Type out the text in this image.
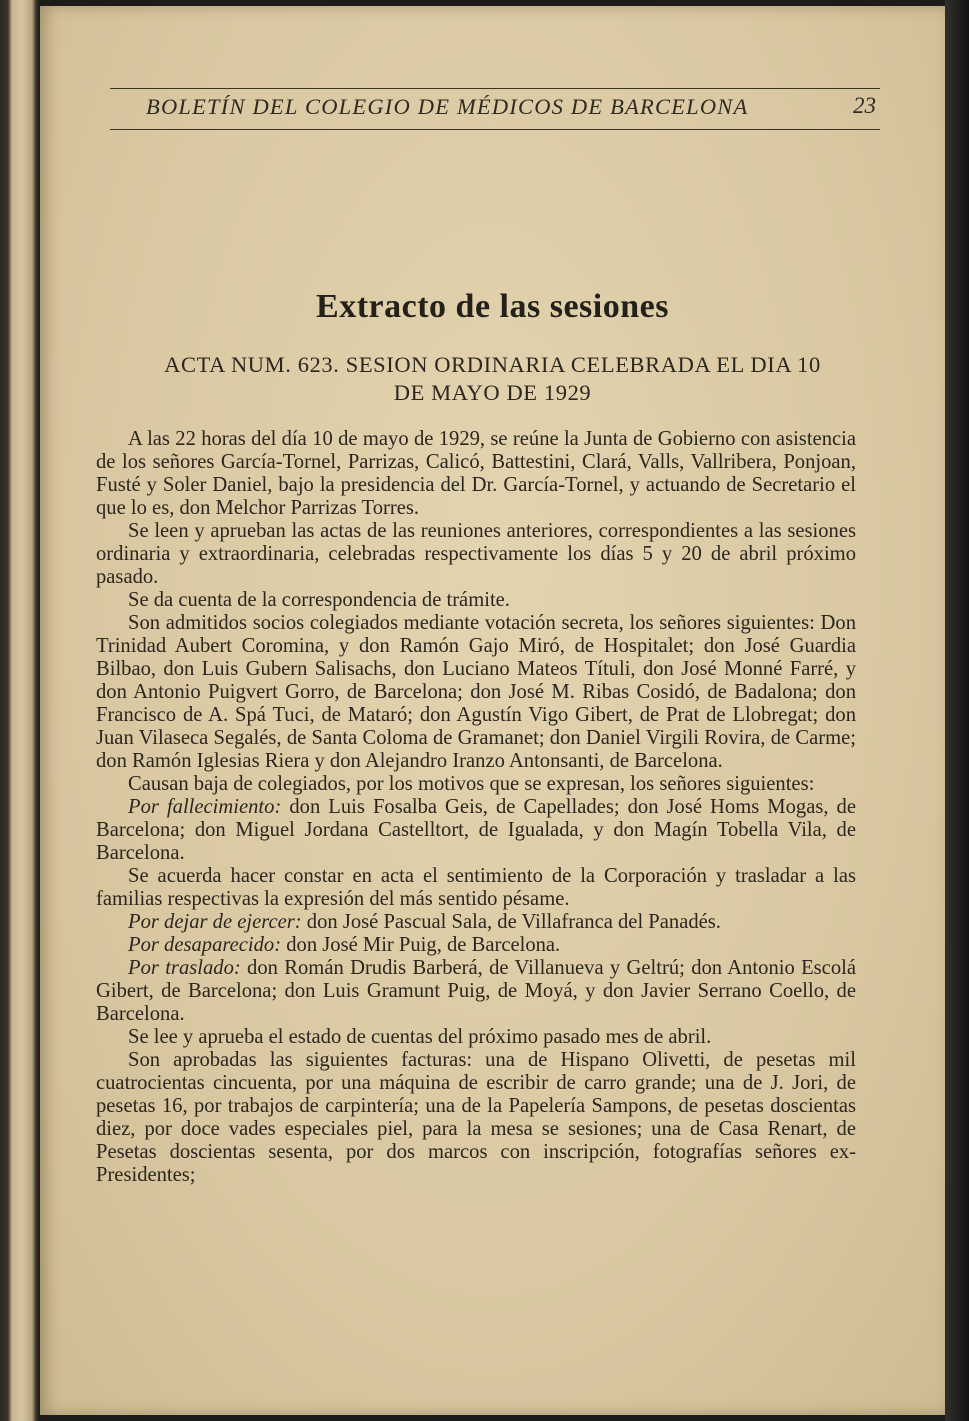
BOLETÍN DEL COLEGIO DE MÉDICOS DE BARCELONA	23
Extracto de las sesiones
ACTA NUM. 623. SESION ORDINARIA CELEBRADA EL DIA 10
DE MAYO DE 1929

A las 22 horas del día 10 de mayo de 1929, se reúne la Junta de Gobierno con asistencia de los señores García-Tornel, Parrizas, Calicó, Battestini, Clará, Valls, Vallribera, Ponjoan, Fusté y Soler Daniel, bajo la presidencia del Dr. García-Tornel, y actuando de Secretario el que lo es, don Melchor Parrizas Torres.

Se leen y aprueban las actas de las reuniones anteriores, correspondientes a las sesiones ordinaria y extraordinaria, celebradas respectivamente los días 5 y 20 de abril próximo pasado.

Se da cuenta de la correspondencia de trámite.

Son admitidos socios colegiados mediante votación secreta, los señores siguientes: Don Trinidad Aubert Coromina, y don Ramón Gajo Miró, de Hospitalet; don José Guardia Bilbao, don Luis Gubern Salisachs, don Luciano Mateos Títuli, don José Monné Farré, y don Antonio Puigvert Gorro, de Barcelona; don José M. Ribas Cosidó, de Badalona; don Francisco de A. Spá Tuci, de Mataró; don Agustín Vigo Gibert, de Prat de Llobregat; don Juan Vilaseca Segalés, de Santa Coloma de Gramanet; don Daniel Virgili Rovira, de Carme; don Ramón Iglesias Riera y don Alejandro Iranzo Antonsanti, de Barcelona.

Causan baja de colegiados, por los motivos que se expresan, los señores siguientes:

Por fallecimiento: don Luis Fosalba Geis, de Capellades; don José Homs Mogas, de Barcelona; don Miguel Jordana Castelltort, de Igualada, y don Magín Tobella Vila, de Barcelona.

Se acuerda hacer constar en acta el sentimiento de la Corporación y trasladar a las familias respectivas la expresión del más sentido pésame.

Por dejar de ejercer: don José Pascual Sala, de Villafranca del Panadés.

Por desaparecido: don José Mir Puig, de Barcelona.

Por traslado: don Román Drudis Barberá, de Villanueva y Geltrú; don Antonio Escolá Gibert, de Barcelona; don Luis Gramunt Puig, de Moyá, y don Javier Serrano Coello, de Barcelona.

Se lee y aprueba el estado de cuentas del próximo pasado mes de abril.

Son aprobadas las siguientes facturas: una de Hispano Olivetti, de pesetas mil cuatrocientas cincuenta, por una máquina de escribir de carro grande; una de J. Jori, de pesetas 16, por trabajos de carpintería; una de la Papelería Sampons, de pesetas doscientas diez, por doce vades especiales piel, para la mesa se sesiones; una de Casa Renart, de Pesetas doscientas sesenta, por dos marcos con inscripción, fotografías señores ex-Presidentes;
